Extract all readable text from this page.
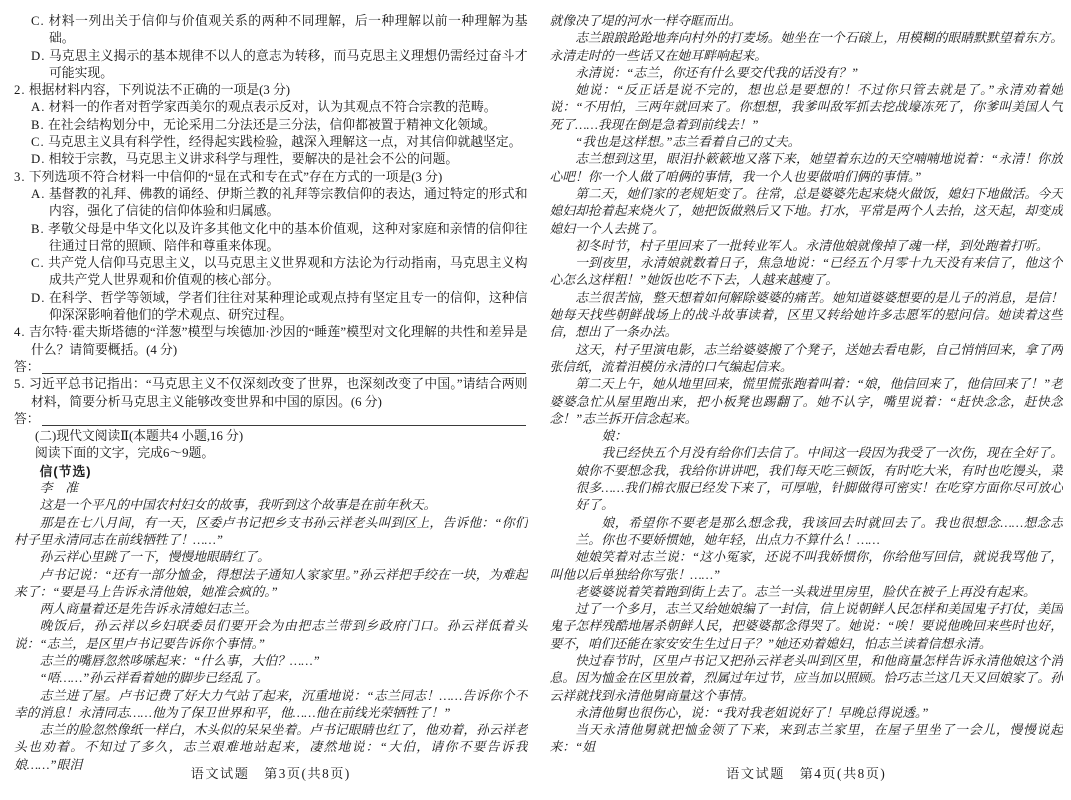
C. 材料一列出关于信仰与价值观关系的两种不同理解，后一种理解以前一种理解为基础。

D. 马克思主义揭示的基本规律不以人的意志为转移，而马克思主义理想仍需经过奋斗才可能实现。

2. 根据材料内容，下列说法不正确的一项是(3 分)

A. 材料一的作者对哲学家西美尔的观点表示反对，认为其观点不符合宗教的范畴。

B. 在社会结构划分中，无论采用二分法还是三分法，信仰都被置于精神文化领域。

C. 马克思主义具有科学性，经得起实践检验，越深入理解这一点，对其信仰就越坚定。

D. 相较于宗教，马克思主义讲求科学与理性，要解决的是社会不公的问题。

3. 下列选项不符合材料一中信仰的“显在式和专在式”存在方式的一项是(3 分)

A. 基督教的礼拜、佛教的诵经、伊斯兰教的礼拜等宗教信仰的表达，通过特定的形式和内容，强化了信徒的信仰体验和归属感。

B. 孝敬父母是中华文化以及许多其他文化中的基本价值观，这种对家庭和亲情的信仰往往通过日常的照顾、陪伴和尊重来体现。

C. 共产党人信仰马克思主义，以马克思主义世界观和方法论为行动指南，马克思主义构成共产党人世界观和价值观的核心部分。

D. 在科学、哲学等领域，学者们往往对某种理论或观点持有坚定且专一的信仰，这种信仰深深影响着他们的学术观点、研究过程。

4. 吉尔特·霍夫斯塔德的“洋葱”模型与埃德加·沙因的“睡莲”模型对文化理解的共性和差异是什么？请简要概括。(4 分)

答：

5. 习近平总书记指出：“马克思主义不仅深刻改变了世界，也深刻改变了中国。”请结合两则材料，简要分析马克思主义能够改变世界和中国的原因。(6 分)

答：

(二)现代文阅读Ⅱ(本题共4 小题,16 分)

阅读下面的文字，完成6～9题。

信(节选)

李　准

这是一个平凡的中国农村妇女的故事，我听到这个故事是在前年秋天。

那是在七八月间，有一天，区委卢书记把乡支书孙云祥老头叫到区上，告诉他：“你们村子里永清同志在前线牺牲了！……”

孙云祥心里跳了一下，慢慢地眼睛红了。

卢书记说：“还有一部分恤金，得想法子通知人家家里。”孙云祥把手绞在一块，为难起来了：“要是马上告诉永清他娘，她准会疯的。”

两人商量着还是先告诉永清媳妇志兰。

晚饭后，孙云祥以乡妇联委员们要开会为由把志兰带到乡政府门口。孙云祥低着头说：“志兰，是区里卢书记要告诉你个事情。”

志兰的嘴唇忽然哆嗦起来：“什么事，大伯？……”

“唔……”孙云祥看着她的脚步已经乱了。

志兰进了屋。卢书记费了好大力气站了起来，沉重地说：“志兰同志！……告诉你个不幸的消息！永清同志……他为了保卫世界和平，他……他在前线光荣牺牲了！”

志兰的脸忽然像纸一样白，木头似的呆呆坐着。卢书记眼睛也红了，他劝着，孙云祥老头也劝着。不知过了多久，志兰艰难地站起来，凄然地说：“大伯，请你不要告诉我娘……”眼泪

语文试题　第3页(共8页)

就像决了堤的河水一样夺眶而出。

志兰踉踉跄跄地奔向村外的打麦场。她坐在一个石磙上，用模糊的眼睛默默望着东方。永清走时的一些话又在她耳畔响起来。

永清说：“志兰，你还有什么要交代我的话没有？”

她说：“反正话是说不完的，想也总是要想的！不过你只管去就是了。”永清劝着她说：“不用怕，三两年就回来了。你想想，我爹叫敌军抓去挖战壕冻死了，你爹叫美国人气死了……我现在倒是急着到前线去！”

“我也是这样想。”志兰看着自己的丈夫。

志兰想到这里，眼泪扑簌簌地又落下来，她望着东边的天空喃喃地说着：“永清！你放心吧！你一个人做了咱俩的事情，我一个人也要做咱们俩的事情。”

第二天，她们家的老规矩变了。往常，总是婆婆先起来烧火做饭，媳妇下地做活。今天媳妇却抢着起来烧火了，她把饭做熟后又下地。打水，平常是两个人去抬，这天起，却变成媳妇一个人去挑了。

初冬时节，村子里回来了一批转业军人。永清他娘就像掉了魂一样，到处跑着打听。

一到夜里，永清娘就数着日子，焦急地说：“已经五个月零十九天没有来信了，他这个心怎么这样粗！”她饭也吃不下去，人越来越瘦了。

志兰很苦恼，整天想着如何解除婆婆的痛苦。她知道婆婆想要的是儿子的消息，是信！她每天找些朝鲜战场上的战斗故事读着，区里又转给她许多志愿军的慰问信。她读着这些信，想出了一条办法。

这天，村子里演电影，志兰给婆婆搬了个凳子，送她去看电影，自己悄悄回来，拿了两张信纸，流着泪模仿永清的口气编起信来。

第二天上午，她从地里回来，慌里慌张跑着叫着：“娘，他信回来了，他信回来了！”老婆婆急忙从屋里跑出来，把小板凳也踢翻了。她不认字，嘴里说着：“赶快念念，赶快念念！”志兰拆开信念起来。

娘：

我已经快五个月没有给你们去信了。中间这一段因为我受了一次伤，现在全好了。娘你不要想念我，我给你讲讲吧，我们每天吃三顿饭，有时吃大米，有时也吃馒头，菜很多……我们棉衣服已经发下来了，可厚啦，针脚做得可密实！在吃穿方面你尽可放心好了。

娘，希望你不要老是那么想念我，我该回去时就回去了。我也很想念……想念志兰。你也不要娇惯她，她年轻，出点力不算什么！……

她娘笑着对志兰说：“这小冤家，还说不叫我娇惯你，你给他写回信，就说我骂他了，叫他以后单独给你写张！……”

老婆婆说着笑着跑到街上去了。志兰一头栽进里房里，脸伏在被子上再没有起来。

过了一个多月，志兰又给她娘编了一封信，信上说朝鲜人民怎样和美国鬼子打仗，美国鬼子怎样残酷地屠杀朝鲜人民，把婆婆都念得哭了。她说：“唉！要说他晚回来些时也好，要不，咱们还能在家安安生生过日子？”她还劝着媳妇，怕志兰读着信想永清。

快过春节时，区里卢书记又把孙云祥老头叫到区里，和他商量怎样告诉永清他娘这个消息。因为恤金在区里放着，烈属过年过节，应当加以照顾。恰巧志兰这几天又回娘家了。孙云祥就找到永清他舅商量这个事情。

永清他舅也很伤心，说：“我对我老姐说好了！早晚总得说透。”

当天永清他舅就把恤金领了下来，来到志兰家里，在屋子里坐了一会儿，慢慢说起来：“姐

语文试题　第4页(共8页)
